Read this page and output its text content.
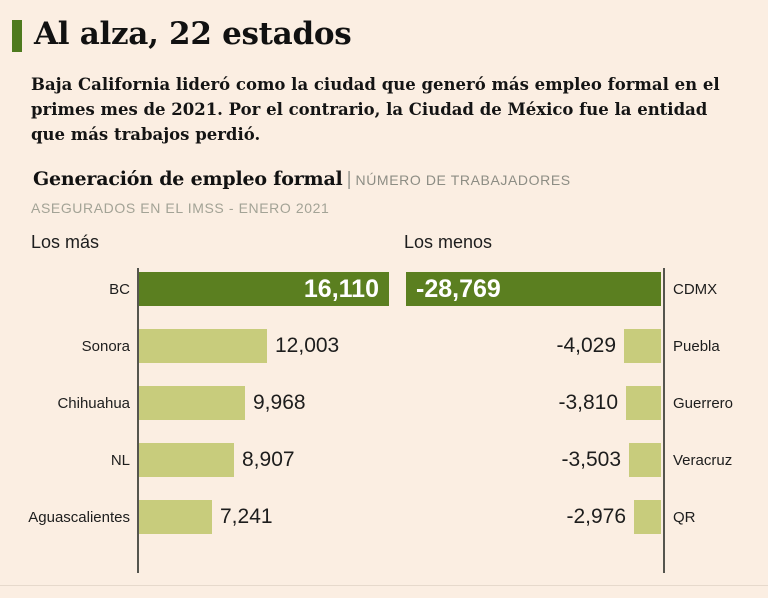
Al alza, 22 estados
Baja California lideró como la ciudad que generó más empleo formal en el primes mes de 2021. Por el contrario, la Ciudad de México fue la entidad que más trabajos perdió.
Generación de empleo formal | NÚMERO DE TRABAJADORES
ASEGURADOS EN EL IMSS - ENERO 2021
Los más	Los menos
BC	16,110
Sonora	12,003
Chihuahua	9,968
NL	8,907
Aguascalientes	7,241
-28,769	CDMX
-4,029	Puebla
-3,810	Guerrero
-3,503	Veracruz
-2,976	QR
